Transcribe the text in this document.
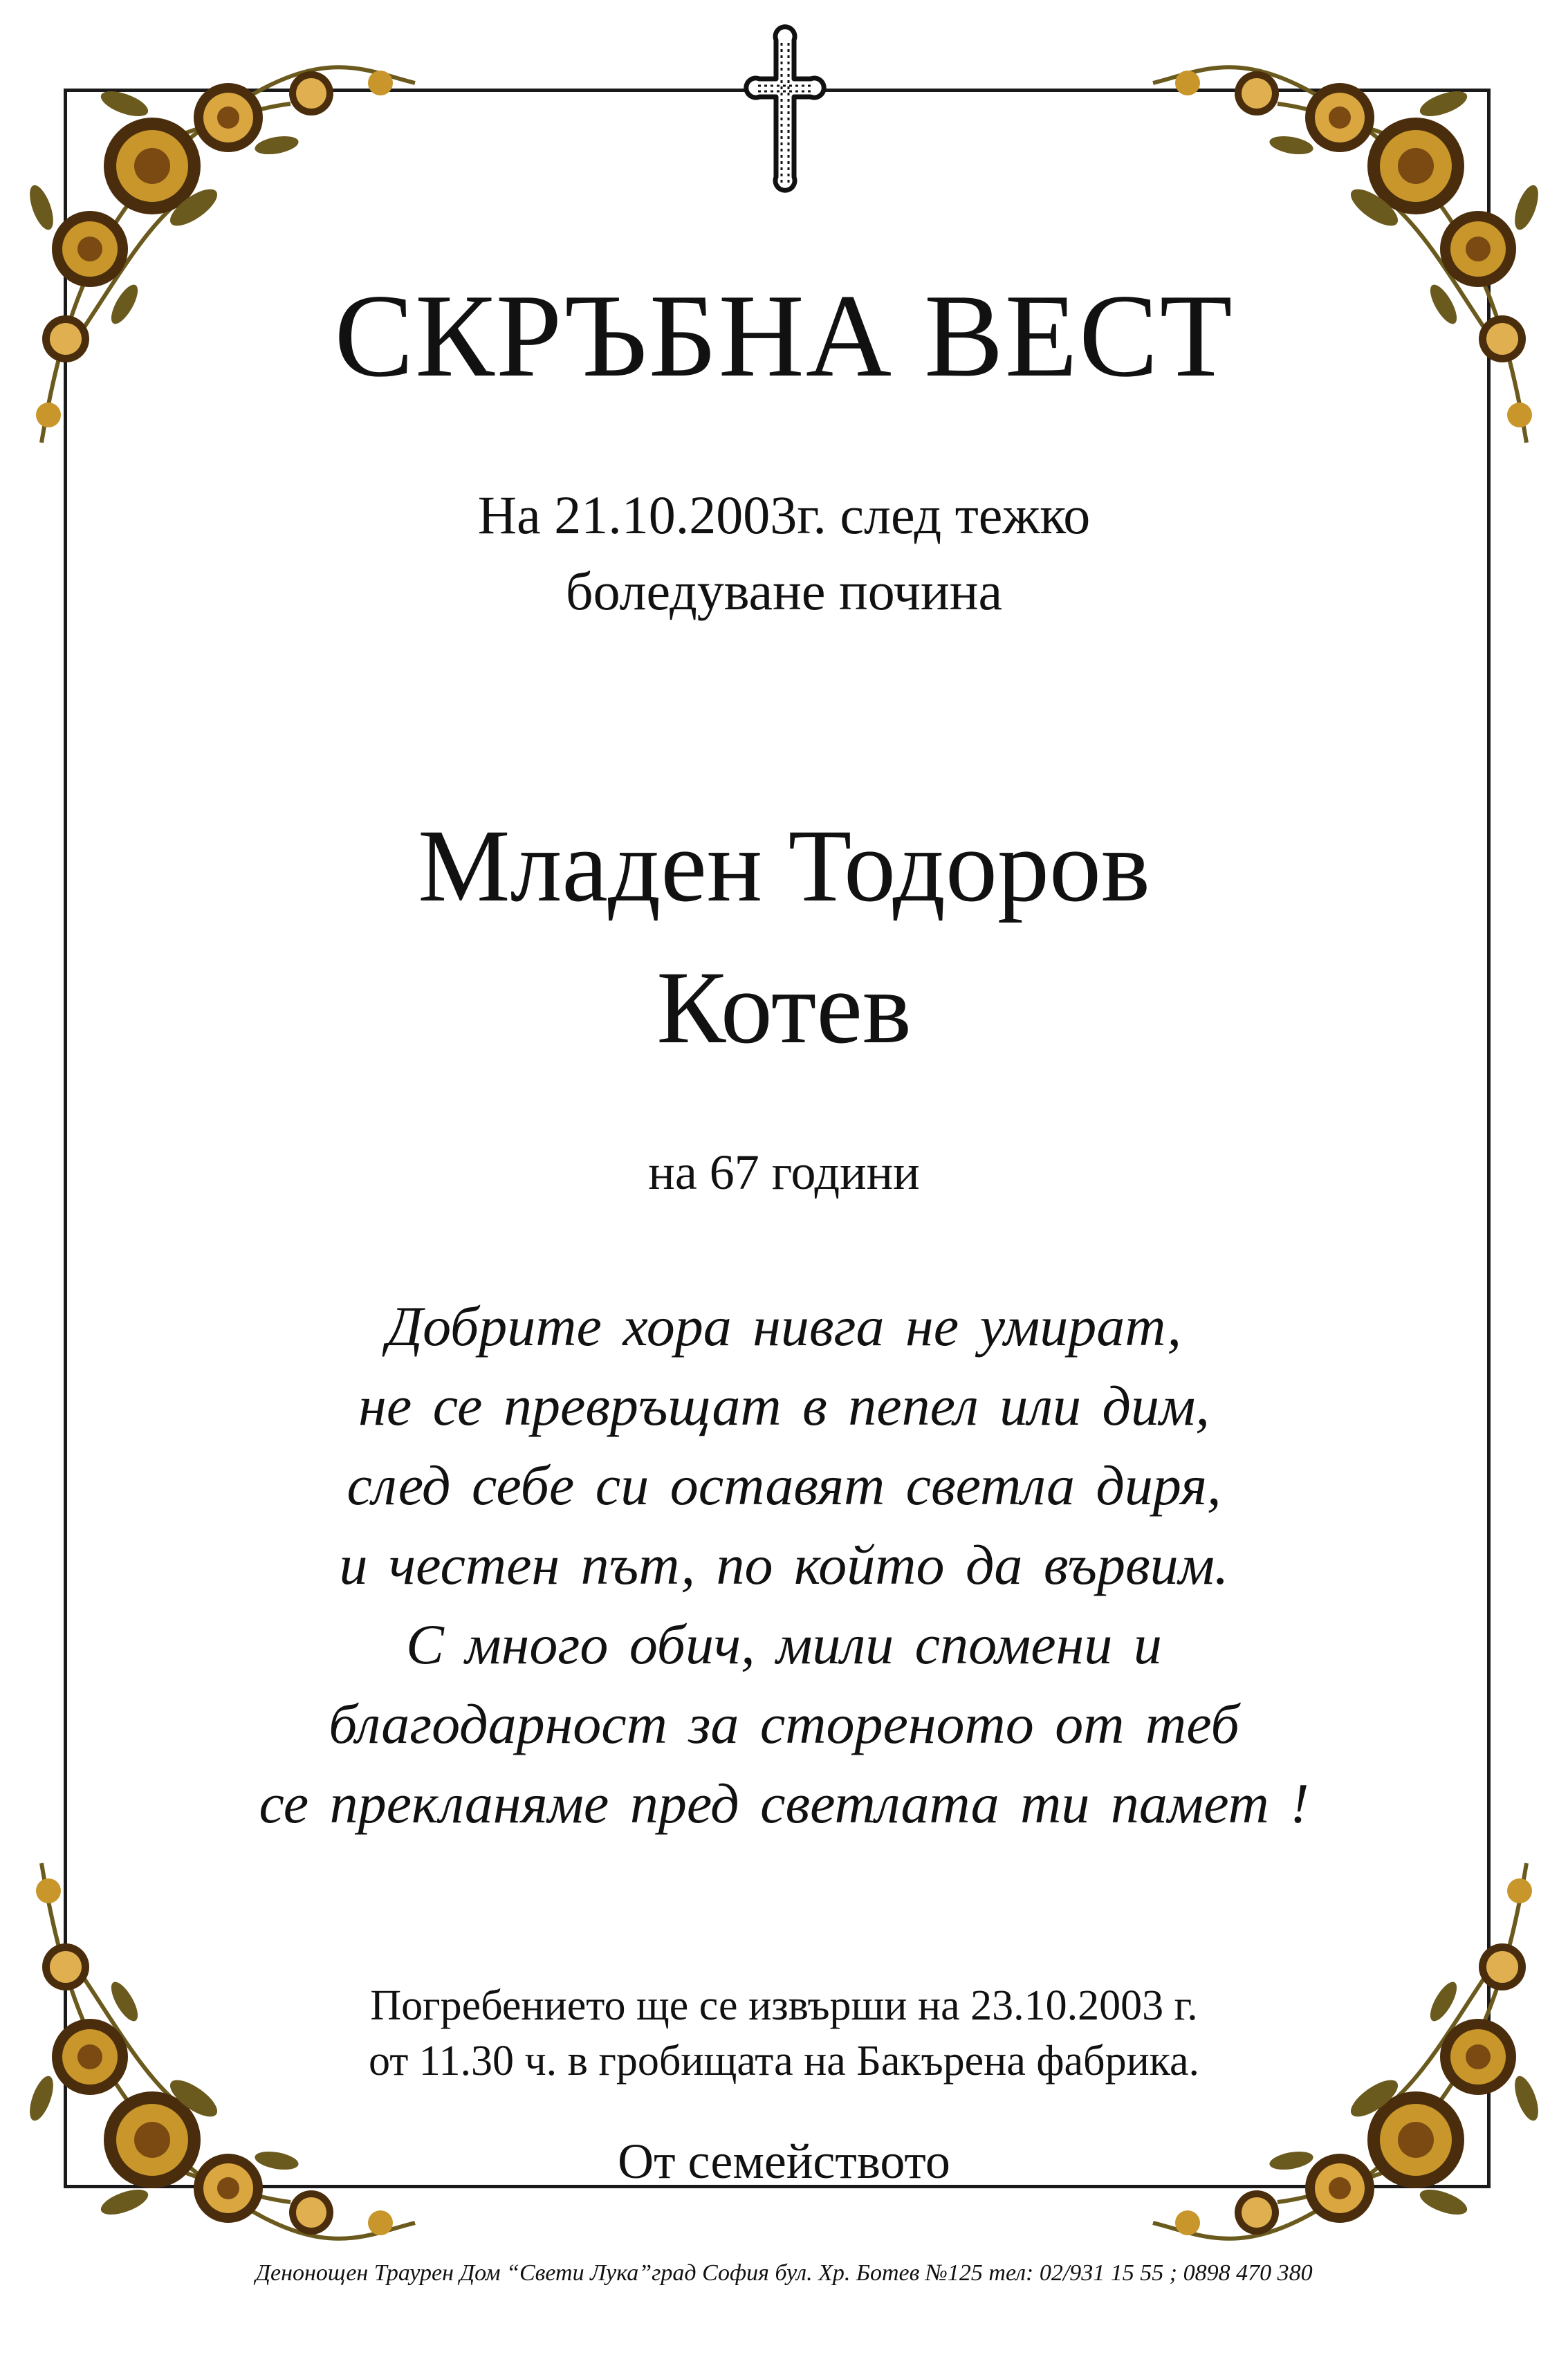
СКРЪБНА ВЕСТ
На 21.10.2003г. след тежко
боледуване почина
Младен Тодоров
Котев
на 67 години
Добрите хора нивга не умират,
не се превръщат в пепел или дим,
след себе си оставят светла диря,
и честен път, по който да вървим.
С много обич, мили спомени и
благодарност за стореното от теб
се прекланяме пред светлата ти памет !
Погребението ще се извърши на 23.10.2003 г.
от 11.30 ч. в гробищата на Бакърена фабрика.
От семейството
Денонощен Траурен Дом “Свети Лука”град София бул. Хр. Ботев №125 тел: 02/931 15 55 ; 0898 470 380
